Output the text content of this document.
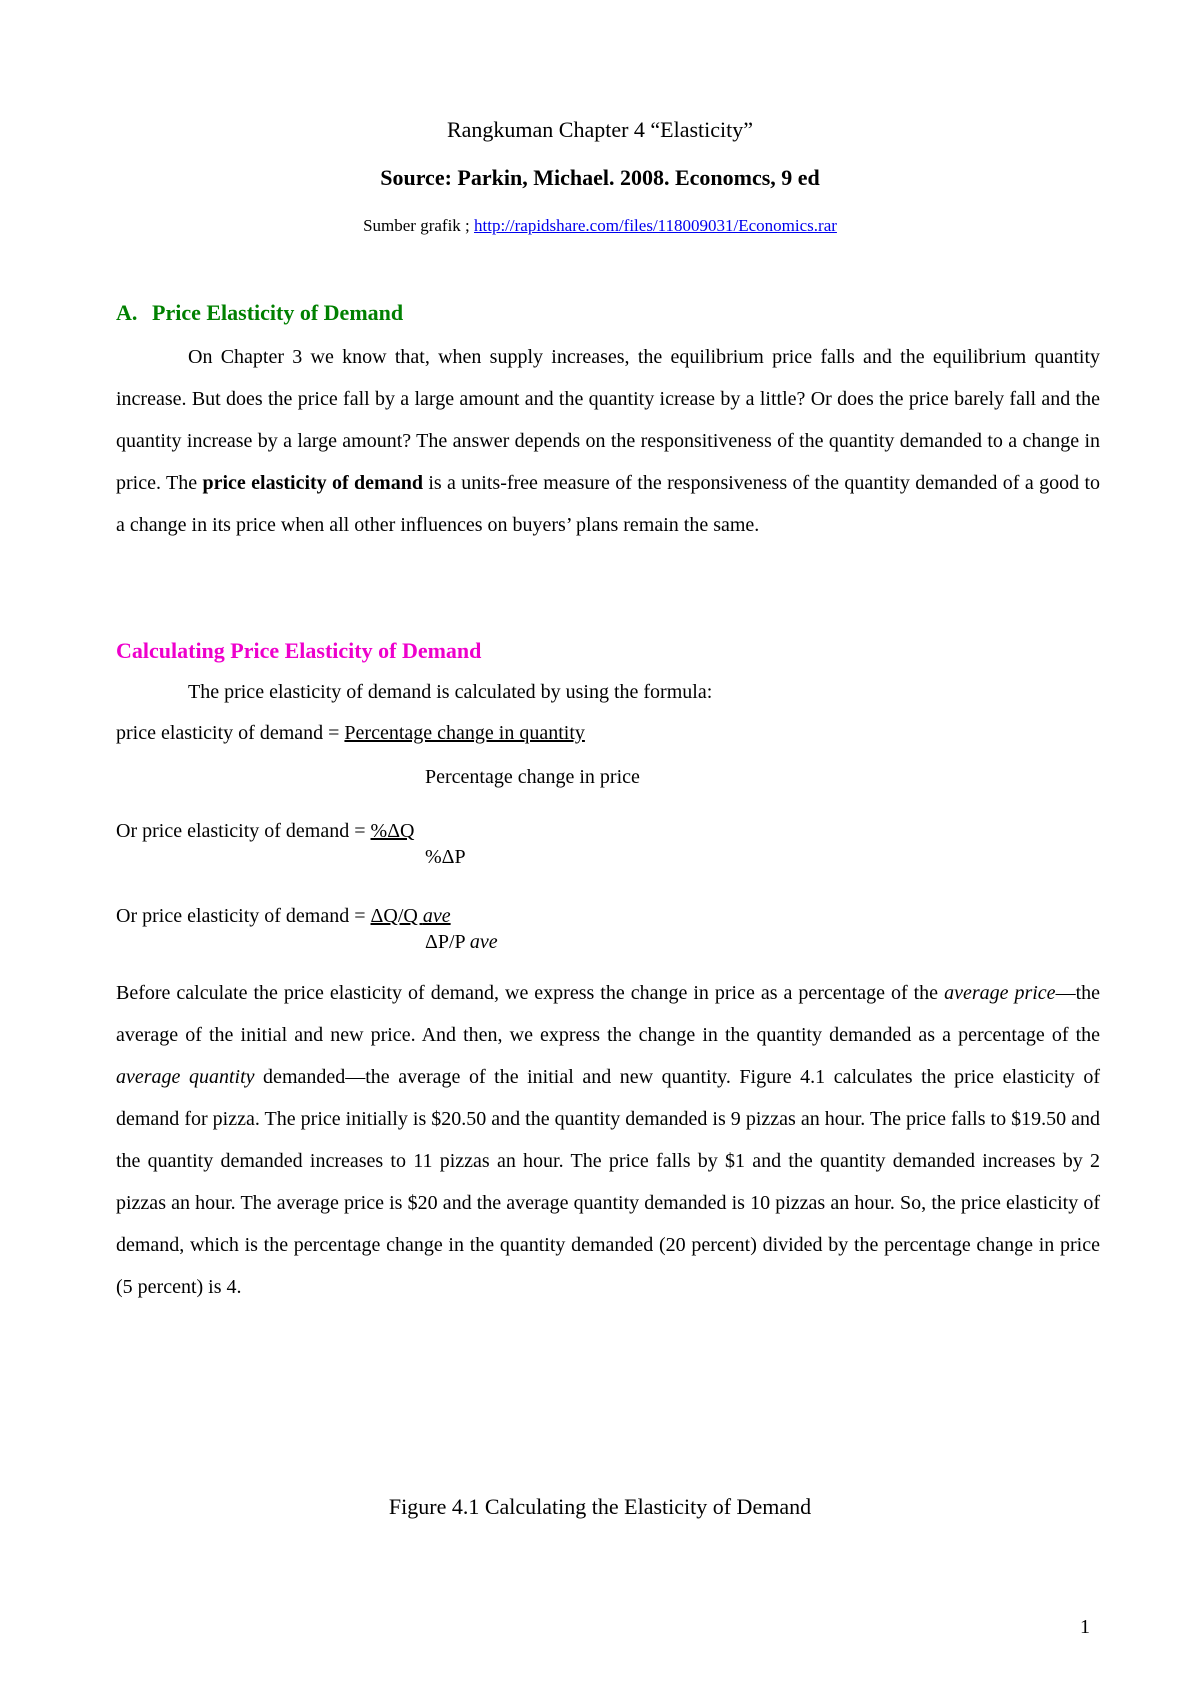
Rangkuman Chapter 4 “Elasticity”
Source: Parkin, Michael. 2008. Economcs, 9 ed
Sumber grafik ; http://rapidshare.com/files/118009031/Economics.rar
A. Price Elasticity of Demand
On Chapter 3 we know that, when supply increases, the equilibrium price falls and the equilibrium quantity increase. But does the price fall by a large amount and the quantity icrease by a little? Or does the price barely fall and the quantity increase by a large amount? The answer depends on the responsitiveness of the quantity demanded to a change in price. The price elasticity of demand is a units-free measure of the responsiveness of the quantity demanded of a good to a change in its price when all other influences on buyers’ plans remain the same.
Calculating Price Elasticity of Demand
The price elasticity of demand is calculated by using the formula:
price elasticity of demand = Percentage change in quantity
Percentage change in price
Or price elasticity of demand = %ΔQ
%ΔP
Or price elasticity of demand = ΔQ/Q ave
ΔP/P ave
Before calculate the price elasticity of demand, we express the change in price as a percentage of the average price—the average of the initial and new price. And then, we express the change in the quantity demanded as a percentage of the average quantity demanded—the average of the initial and new quantity. Figure 4.1 calculates the price elasticity of demand for pizza. The price initially is $20.50 and the quantity demanded is 9 pizzas an hour. The price falls to $19.50 and the quantity demanded increases to 11 pizzas an hour. The price falls by $1 and the quantity demanded increases by 2 pizzas an hour. The average price is $20 and the average quantity demanded is 10 pizzas an hour. So, the price elasticity of demand, which is the percentage change in the quantity demanded (20 percent) divided by the percentage change in price (5 percent) is 4.
Figure 4.1 Calculating the Elasticity of Demand
1
